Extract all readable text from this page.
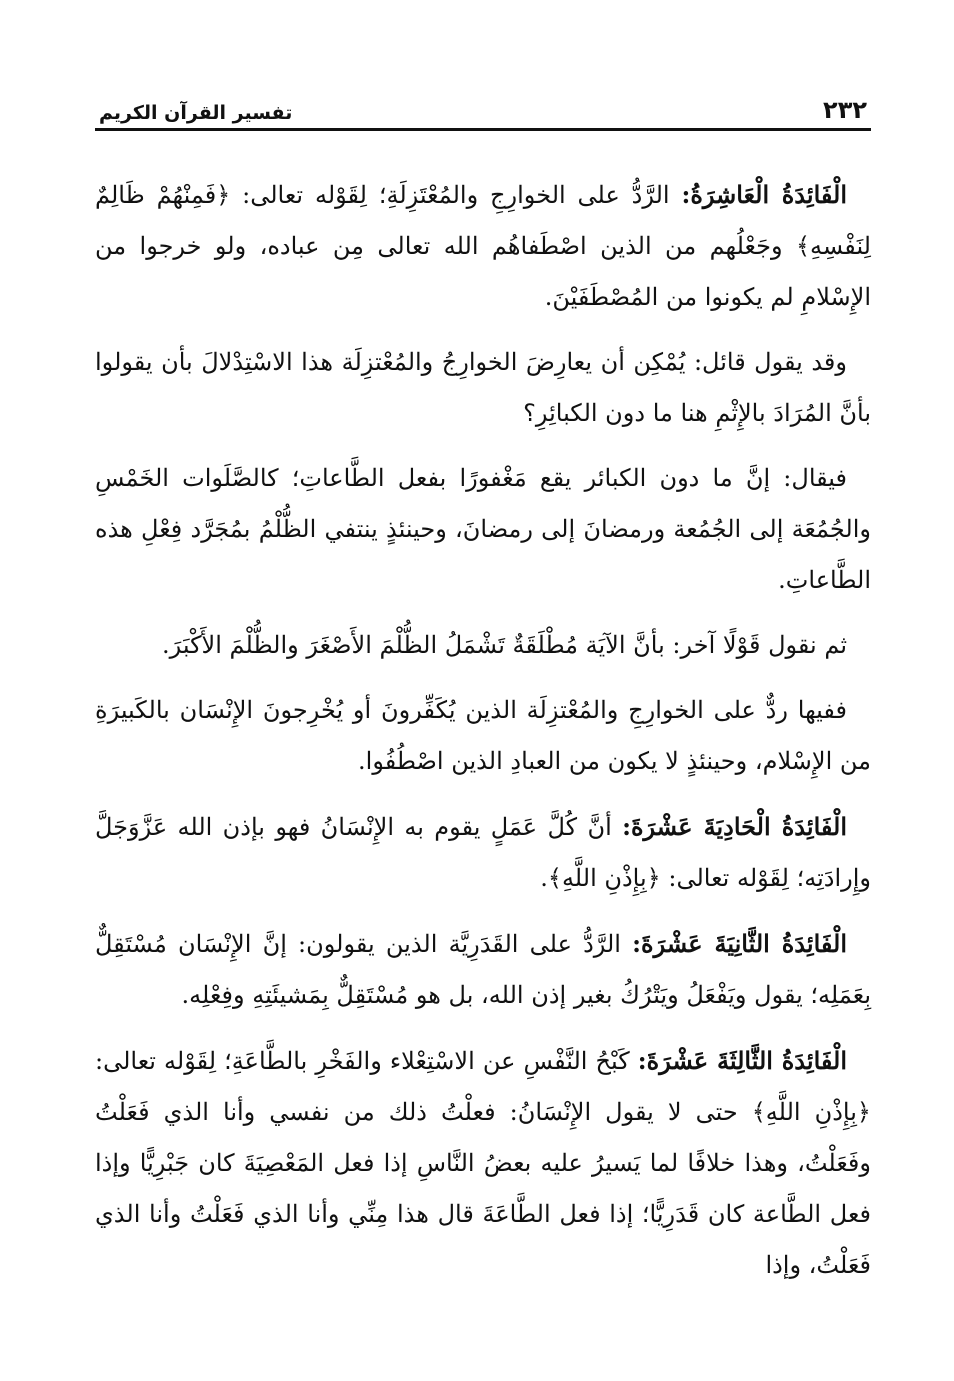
٢٣٢
تفسير القرآن الكريم

الْفَائِدَةُ الْعَاشِرَةُ: الرَّدُّ على الخوارِجِ والمُعْتَزِلَةِ؛ لِقَوْله تعالى: ﴿فَمِنْهُمْ ظَالِمٌ لِنَفْسِهِ﴾ وجَعْلُهم من الذين اصْطَفاهُم الله تعالى مِن عباده، ولو خرجوا من الإِسْلامِ لم يكونوا من المُصْطَفَيْنَ.

وقد يقول قائل: يُمْكِن أن يعارِضَ الخوارِجُ والمُعْتزِلَة هذا الاسْتِدْلالَ بأن يقولوا بأنَّ المُرَادَ بالإِثْمِ هنا ما دون الكبائِرِ؟

فيقال: إنَّ ما دون الكبائر يقع مَغْفورًا بفعل الطَّاعاتِ؛ كالصَّلَوات الخَمْسِ والجُمُعَة إلى الجُمُعة ورمضانَ إلى رمضانَ، وحينئذٍ ينتفي الظُّلْمُ بمُجَرَّد فِعْلِ هذه الطَّاعاتِ.

ثم نقول قَوْلًا آخر: بأنَّ الآيَة مُطْلَقَةٌ تَشْمَلُ الظُّلْمَ الأَصْغَرَ والظُّلْمَ الأَكْبَرَ.

ففيها ردٌّ على الخوارِجِ والمُعْتزِلَة الذين يُكَفِّرونَ أو يُخْرِجونَ الإِنْسَان بالكَبيرَةِ من الإِسْلام، وحينئذٍ لا يكون من العبادِ الذين اصْطُفُوا.

الْفَائِدَةُ الْحَادِيَةَ عَشْرَةَ: أنَّ كُلَّ عَمَلٍ يقوم به الإِنْسَانُ فهو بإذن الله عَزَّوَجَلَّ وإِرادَتِه؛ لِقَوْله تعالى: ﴿بِإِذْنِ اللَّهِ﴾.

الْفَائِدَةُ الثَّانِيَةَ عَشْرَةَ: الرَّدُّ على القَدَرِيَّة الذين يقولون: إنَّ الإِنْسَان مُسْتَقِلٌّ بِعَمَلِه؛ يقول ويَفْعَلُ ويَتْرُكُ بغير إذن الله، بل هو مُسْتَقِلٌّ بِمَشيئَتِهِ وفِعْلِه.

الْفَائِدَةُ الثَّالِثَةَ عَشْرَةَ: كَبْحُ النَّفْسِ عن الاسْتِعْلاء والفَخْرِ بالطَّاعَةِ؛ لِقَوْله تعالى: ﴿بِإِذْنِ اللَّهِ﴾ حتى لا يقول الإِنْسَانُ: فعلْتُ ذلك من نفسي وأنا الذي فَعَلْتُ وفَعَلْتُ، وهذا خلافًا لما يَسيرُ عليه بعضُ النَّاسِ إذا فعل المَعْصِيَةَ كان جَبْرِيًّا وإذا فعل الطَّاعة كان قَدَرِيًّا؛ إذا فعل الطَّاعَةَ قال هذا مِنِّي وأنا الذي فَعَلْتُ وأنا الذي فَعَلْتُ، وإذا
